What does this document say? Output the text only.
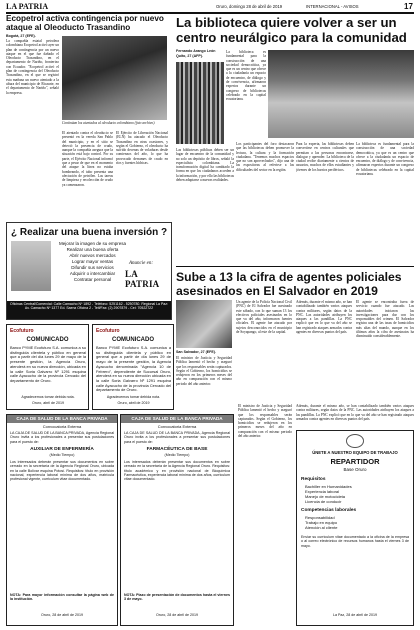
LA PATRIA	Oruro, domingo 28 de abril de 2019	INTERNACIONAL - AVISOS	17
Ecopetrol activa contingencia por nuevo ataque al Oleoducto Trasandino
Bogotá, 27 (EFE).
La compañía estatal petrolera colombiana Ecopetrol activó ayer un plan de contingencia por un nuevo ataque en el que fue dañado el Oleoducto Trasandino, en el departamento de Nariño, fronterizo con Ecuador. "Ecopetrol activó el plan de contingencia del Oleoducto Trasandino, en el que se registró esta mañana un nuevo atentado a la altura del municipio de Ricaurte, en el departamento de Nariño", señaló la empresa.
Continúan los atentados al oleoducto colombiano (foto archivo).
El atentado contra el oleoducto se presentó en la vereda San Pablo del municipio, y en el sitio se detectó la presencia de crudo, aunque la compañía asegura que la situación está bajo control. Por su parte, el Ejército Nacional informó que a pesar de que en el momento del ataque la línea no estaba bombeando, el tubo presenta una afectación de petróleo. Las tareas de limpieza y recolección de crudo ya comenzaron.
El Ejército de Liberación Nacional (ELN) ha atacado el Oleoducto Trasandino en otras ocasiones, y según el Gobierno, el oleoducto ha sufrido decenas de voladuras desde comienzos del año, lo que ha provocado derrames de crudo en ríos y fuentes hídricas.
¿ Realizar una buena inversión ?
Mejorar la imagen de su empresa
Realizar una buena oferta
Abrir nuevos mercados
Lograr mayor ventas
Difundir sus servicios
Adquirir o intercambiar
Contratar personal
Anuncie en:
LA PATRIA
Oficinas Central/Comercial: Calle Camacho Nº 1892 - Teléfono: 5251162 - 5250780. Regional La Paz: Av. Camacho Nº 1377 Ed. Saenz Oficina 2 - Telf/Fax: (2) 2907879 - Cel: 70522722
La biblioteca quiere volver a ser un centro neurálgico para la comunidad
Fernando Arango León
Quito, 27 (AFP).
La biblioteca es fundamental para la construcción de una sociedad democrática, ya que es un centro que ofrece a la ciudadanía un espacio de encuentro, de diálogo y de convivencia, afirmaron expertos durante un congreso de bibliotecas celebrado en la capital ecuatoriana.
Las bibliotecas públicas deben ser un lugar de encuentro de la comunidad y no solo un depósito de libros, señaló la especialista colombiana. La transformación digital ha cambiado la forma en que los ciudadanos acceden a la información, y por ello las bibliotecas deben adaptarse a nuevas realidades.
Los participantes del foro destacaron que las bibliotecas deben promover la lectura, la cultura y la formación ciudadana. "Tenemos muchos espacios que no son aprovechados", dijo una de las expositoras al referirse a las dificultades del sector en la región.
Para la experta, las bibliotecas deben convertirse en centros culturales que permitan a las personas encontrarse, dialogar y aprender. La biblioteca de la ciudad recibe diariamente a cientos de usuarios, muchos de ellos estudiantes y jóvenes de los barrios periféricos.
La biblioteca es fundamental para la construcción de una sociedad democrática, ya que es un centro que ofrece a la ciudadanía un espacio de encuentro, de diálogo y de convivencia, afirmaron expertos durante un congreso de bibliotecas celebrado en la capital ecuatoriana.
Sube a 13 la cifra de agentes policiales asesinados en El Salvador en 2019
San Salvador, 27 (EFE).
Un agente de la Policía Nacional Civil (PNC) de El Salvador fue asesinado este sábado, con lo que suman 13 los efectivos policiales asesinados en lo que va del año, informaron fuentes oficiales. El agente fue atacado por sujetos desconocidos en el municipio de Soyapango, al este de la capital.
Además, durante el mismo año, se han contabilizado también varios ataques contra militares, según datos de la PNC. Las autoridades atribuyen los ataques a las pandillas. La PNC explicó que en lo que va del año se han registrado ataques armados contra agentes en diversos puntos del país.
El agente se encontraba fuera de servicio cuando fue atacado. Las autoridades iniciaron las investigaciones para dar con los responsables del crimen. El Salvador registra una de las tasas de homicidios más altas del mundo, aunque en los últimos años la cifra de asesinatos ha disminuido considerablemente.
El ministro de Justicia y Seguridad Pública lamentó el hecho y aseguró que los responsables serán capturados. Según el Gobierno, los homicidios se redujeron en los primeros meses del año en comparación con el mismo periodo del año anterior.
Ecofuturo
COMUNICADO
Banco PYME Ecofuturo S.A. comunica a su distinguida clientela y público en general que a partir del día lunes 29 de mayo de la presente gestión, la Agencia Oruro, atenderá en su nueva dirección, ubicada en la calle Soria Galvarro Nº 1291 esquina calle Ayacucho de la provincia Cercado del departamento de Oruro.
Agradecemos tomar debida nota.
Oruro, abril de 2019
Ecofuturo
COMUNICADO
Banco PYME Ecofuturo S.A. comunica a su distinguida clientela y público en general que a partir de día lunes 29 de mayo de la presente gestión, la Agencia Ayacucho denominada "Agencia 10 de Febrero", dependiente de Sucursal Oruro, atenderá en su nueva dirección ubicada en la calle Soria Galvarro Nº 1291 esquina calle Ayacucho de la provincia Cercado del departamento de Oruro.
Agradecemos tomar debida nota.
Oruro, abril de 2019
CAJA DE SALUD DE LA BANCA PRIVADA
Convocatoria Externa
LA CAJA DE SALUD DE LA BANCA PRIVADA, Agencia Regional Oruro invita a los profesionales a presentar sus postulaciones para el puesto de:
AUXILIAR DE ENFERMERÍA
(Medio Tiempo)
Los interesados deberán presentar sus documentos en sobre cerrado en la secretaría de la Agencia Regional Oruro, ubicada en la calle Bolívar esquina Potosí. Requisitos: título en provisión nacional, experiencia laboral mínima de dos años, matrícula profesional vigente, curriculum vitae documentado.
NOTA: Para mayor información consultar la página web de la institución.
Oruro, 28 de abril de 2019
CAJA DE SALUD DE LA BANCA PRIVADA
Convocatoria Externa
LA CAJA DE SALUD DE LA BANCA PRIVADA, Agencia Regional Oruro invita a los profesionales a presentar sus postulaciones para el puesto de:
FARMACÉUTICA DE BASE
(Medio Tiempo)
Los interesados deberán presentar sus documentos en sobre cerrado en la secretaría de la Agencia Regional Oruro. Requisitos: título académico y en provisión nacional de Bioquímica Farmacéutica, experiencia laboral mínima de dos años, curriculum vitae documentado.
NOTA: Plazo de presentación de documentos hasta el viernes 3 de mayo.
Oruro, 28 de abril de 2019
ÚNETE A NUESTRO EQUIPO DE TRABAJO
REPARTIDOR
Base Oruro
Requisitos
Bachiller en Humanidades
Experiencia laboral
Manejo de motocicleta
Licencia de conducir
Competencias laborales
Responsabilidad
Trabajo en equipo
Atención al cliente
Enviar su curriculum vitae documentado a la oficina de la empresa o al correo electrónico de recursos humanos hasta el viernes 3 de mayo.
La Paz, 28 de abril de 2019
El ministro de Justicia y Seguridad Pública lamentó el hecho y aseguró que los responsables serán capturados. Según el Gobierno, los homicidios se redujeron en los primeros meses del año en comparación con el mismo periodo del año anterior.
Además, durante el mismo año, se han contabilizado también varios ataques contra militares, según datos de la PNC. Las autoridades atribuyen los ataques a las pandillas. La PNC explicó que en lo que va del año se han registrado ataques armados contra agentes en diversos puntos del país.
